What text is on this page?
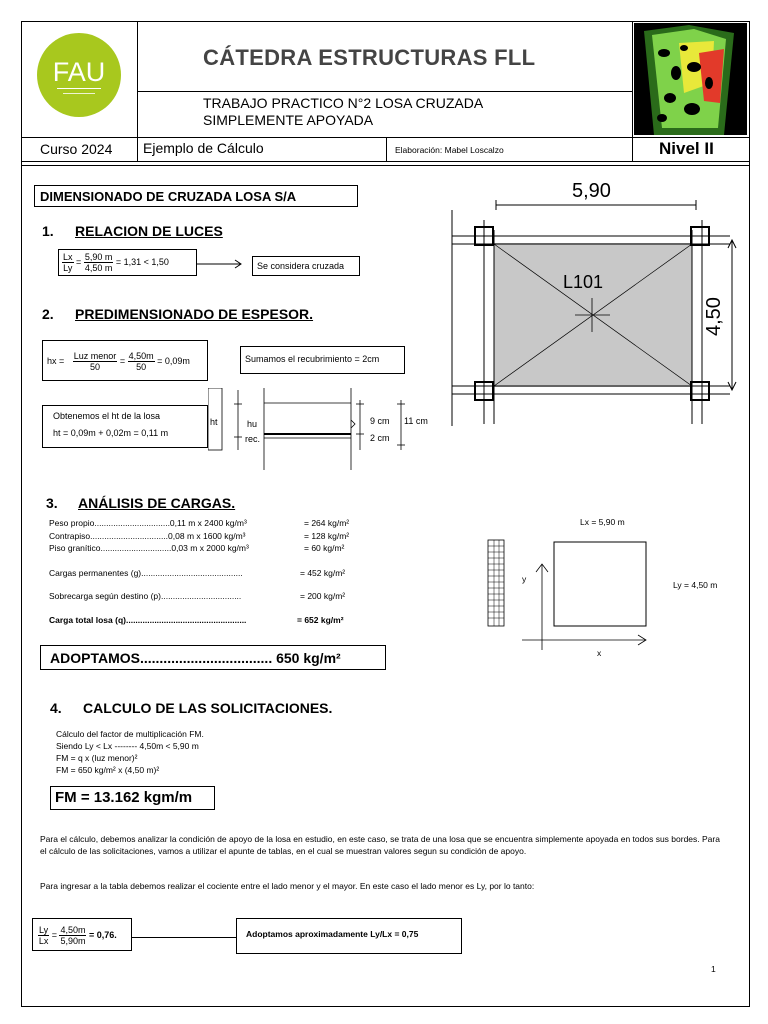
FAU	CÁTEDRA ESTRUCTURAS FLL
TRABAJO PRACTICO N°2 LOSA CRUZADA
SIMPLEMENTE APOYADA
Curso 2024 Ejemplo de Cálculo	Elaboración: Mabel Loscalzo	Nivel II
DIMENSIONADO DE CRUZADA LOSA S/A
1. RELACION DE LUCES
$\frac{Lx}{Ly} = \frac{5,90 m}{4,50 m} = 1,31 < 1,50$	Se considera cruzada
2. PREDIMENSIONADO DE ESPESOR.
hx = $\frac{\text{Luz menor}}{50} = \frac{4,50m}{50} = 0,09m$	Sumamos el recubrimiento = 2cm
Obtenemos el ht de la losa
ht = 0,09m + 0,02m = 0,11 m
ht	hu
rec.
9 cm
2 cm
11 cm
5,90
4,50
L101
3. ANÁLISIS DE CARGAS.
Peso propio................................0,11 m x 2400 kg/m³	= 264 kg/m²
Contrapiso.................................0,08 m x 1600 kg/m³	= 128 kg/m²
Piso granítico..............................0,03 m x 2000 kg/m³	= 60 kg/m²
Cargas permanentes (g)...........................................	= 452 kg/m²
Sobrecarga según destino (p)..................................	= 200 kg/m²
Carga total losa (q)...................................................	= 652 kg/m²
ADOPTAMOS.................................. 650 kg/m²
Lx = 5,90 m
Ly = 4,50 m
y
x
4. CALCULO DE LAS SOLICITACIONES.
Cálculo del factor de multiplicación FM.
Siendo Ly < Lx -------- 4,50m < 5,90 m
FM = q x (luz menor)²
FM = 650 kg/m² x (4,50 m)²
FM = 13.162 kgm/m
Para el cálculo, debemos analizar la condición de apoyo de la losa en estudio, en este caso, se trata de una losa que se encuentra simplemente apoyada en todos sus bordes. Para el cálculo de las solicitaciones, vamos a utilizar el apunte de tablas, en el cual se muestran valores segun su condición de apoyo.
Para ingresar a la tabla debemos realizar el cociente entre el lado menor y el mayor. En este caso el lado menor es Ly, por lo tanto:
$\frac{Ly}{Lx} = \frac{4,50m}{5,90m} = 0,76$.	Adoptamos aproximadamente Ly/Lx = 0,75
1
